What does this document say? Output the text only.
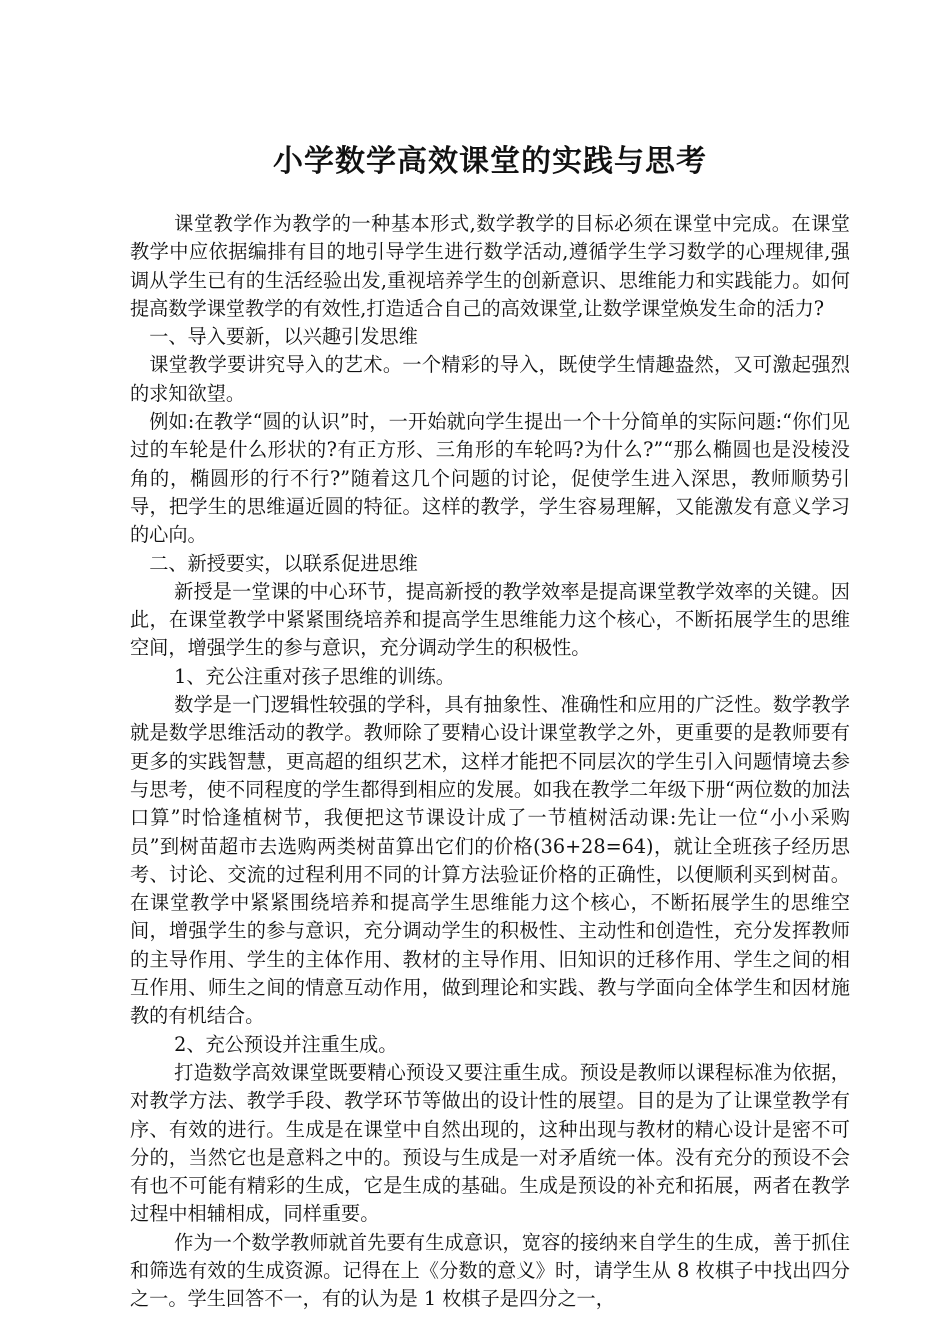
小学数学高效课堂的实践与思考

课堂教学作为教学的一种基本形式,数学教学的目标必须在课堂中完成。在课堂教学中应依据编排有目的地引导学生进行数学活动,遵循学生学习数学的心理规律,强调从学生已有的生活经验出发,重视培养学生的创新意识、思维能力和实践能力。如何提高数学课堂教学的有效性,打造适合自己的高效课堂,让数学课堂焕发生命的活力?

一、导入要新，以兴趣引发思维

课堂教学要讲究导入的艺术。一个精彩的导入，既使学生情趣盎然，又可激起强烈的求知欲望。

例如:在教学“圆的认识”时，一开始就向学生提出一个十分简单的实际问题:“你们见过的车轮是什么形状的?有正方形、三角形的车轮吗?为什么?”“那么椭圆也是没棱没角的，椭圆形的行不行?”随着这几个问题的讨论，促使学生进入深思，教师顺势引导，把学生的思维逼近圆的特征。这样的教学，学生容易理解，又能激发有意义学习的心向。

二、新授要实，以联系促进思维

新授是一堂课的中心环节，提高新授的教学效率是提高课堂教学效率的关键。因此，在课堂教学中紧紧围绕培养和提高学生思维能力这个核心，不断拓展学生的思维空间，增强学生的参与意识，充分调动学生的积极性。

1、充公注重对孩子思维的训练。

数学是一门逻辑性较强的学科，具有抽象性、准确性和应用的广泛性。数学教学就是数学思维活动的教学。教师除了要精心设计课堂教学之外，更重要的是教师要有更多的实践智慧，更高超的组织艺术，这样才能把不同层次的学生引入问题情境去参与思考，使不同程度的学生都得到相应的发展。如我在教学二年级下册“两位数的加法口算”时恰逢植树节，我便把这节课设计成了一节植树活动课:先让一位“小小采购员”到树苗超市去选购两类树苗算出它们的价格(36+28=64)，就让全班孩子经历思考、讨论、交流的过程利用不同的计算方法验证价格的正确性，以便顺利买到树苗。在课堂教学中紧紧围绕培养和提高学生思维能力这个核心，不断拓展学生的思维空间，增强学生的参与意识，充分调动学生的积极性、主动性和创造性，充分发挥教师的主导作用、学生的主体作用、教材的主导作用、旧知识的迁移作用、学生之间的相互作用、师生之间的情意互动作用，做到理论和实践、教与学面向全体学生和因材施教的有机结合。

2、充公预设并注重生成。

打造数学高效课堂既要精心预设又要注重生成。预设是教师以课程标准为依据，对教学方法、教学手段、教学环节等做出的设计性的展望。目的是为了让课堂教学有序、有效的进行。生成是在课堂中自然出现的，这种出现与教材的精心设计是密不可分的，当然它也是意料之中的。预设与生成是一对矛盾统一体。没有充分的预设不会有也不可能有精彩的生成，它是生成的基础。生成是预设的补充和拓展，两者在教学过程中相辅相成，同样重要。

作为一个数学教师就首先要有生成意识，宽容的接纳来自学生的生成，善于抓住和筛选有效的生成资源。记得在上《分数的意义》时，请学生从 8 枚棋子中找出四分之一。学生回答不一，有的认为是 1 枚棋子是四分之一，
